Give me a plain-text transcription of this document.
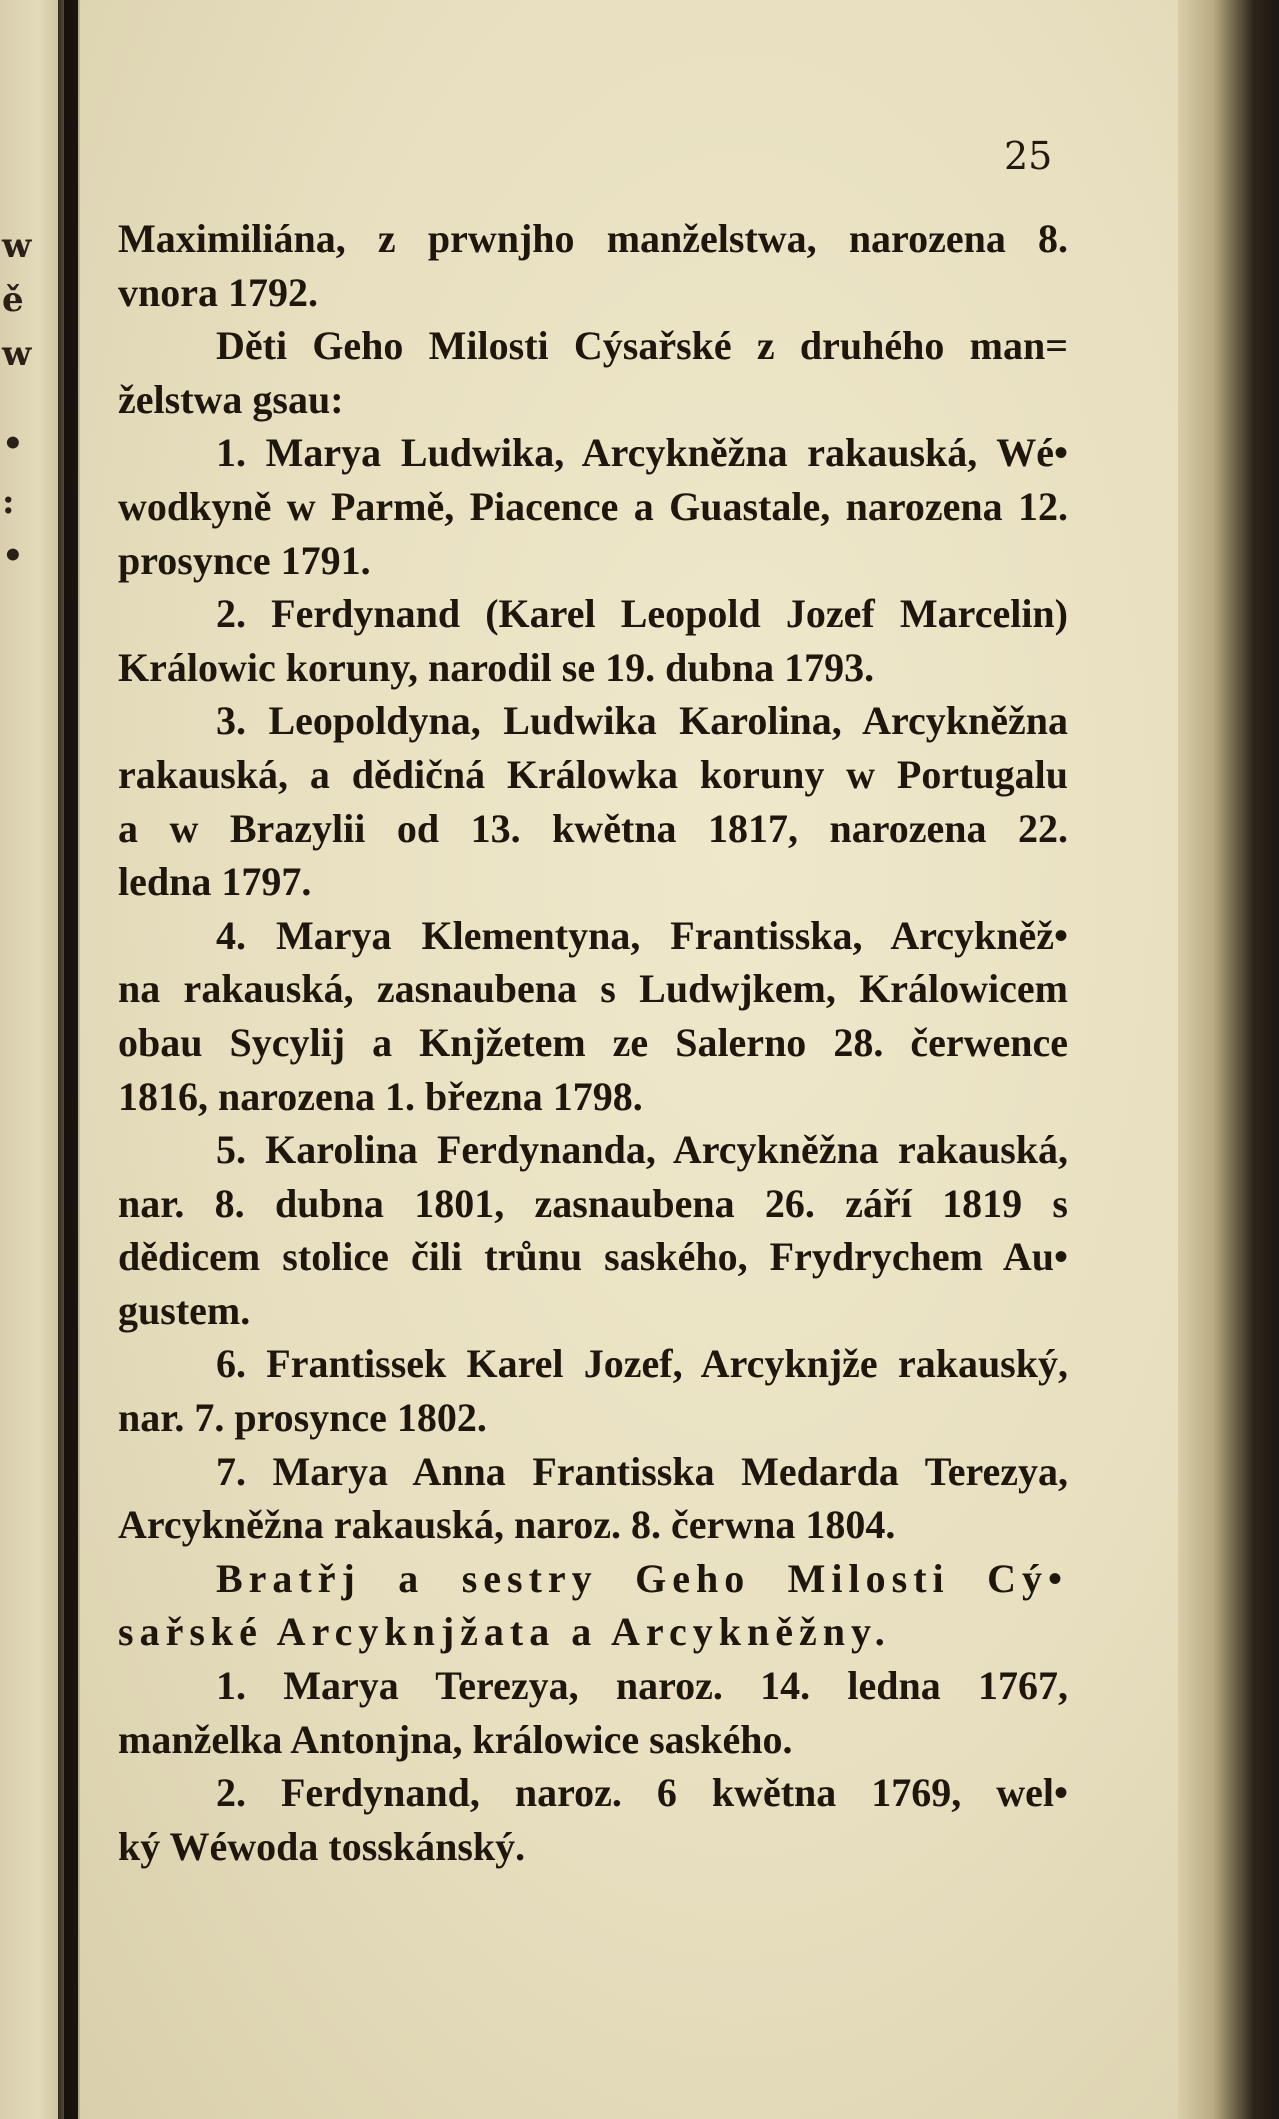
w
ě
w
•
:
•
25
Maximiliána, z prwnjho manželstwa, narozena 8.
vnora 1792.
Děti Geho Milosti Cýsařské z druhého man=
želstwa gsau:
1. Marya Ludwika, Arcykněžna rakauská, Wé•
wodkyně w Parmě, Piacence a Guastale, narozena 12.
prosynce 1791.
2. Ferdynand (Karel Leopold Jozef Marcelin)
Králowic koruny, narodil se 19. dubna 1793.
3. Leopoldyna, Ludwika Karolina, Arcykněžna
rakauská, a dědičná Králowka koruny w Portugalu
a w Brazylii od 13. kwětna 1817, narozena 22.
ledna 1797.
4. Marya Klementyna, Frantisska, Arcykněž•
na rakauská, zasnaubena s Ludwjkem, Králowicem
obau Sycylij a Knjžetem ze Salerno 28. čerwence
1816, narozena 1. března 1798.
5. Karolina Ferdynanda, Arcykněžna rakauská,
nar. 8. dubna 1801, zasnaubena 26. září 1819 s
dědicem stolice čili trůnu saského, Frydrychem Au•
gustem.
6. Frantissek Karel Jozef, Arcyknjže rakauský,
nar. 7. prosynce 1802.
7. Marya Anna Frantisska Medarda Terezya,
Arcykněžna rakauská, naroz. 8. čerwna 1804.
Bratřj a sestry Geho Milosti Cý•
sařské Arcyknjžata a Arcykněžny.
1. Marya Terezya, naroz. 14. ledna 1767,
manželka Antonjna, králowice saského.
2. Ferdynand, naroz. 6 kwětna 1769, wel•
ký Wéwoda tosskánský.
